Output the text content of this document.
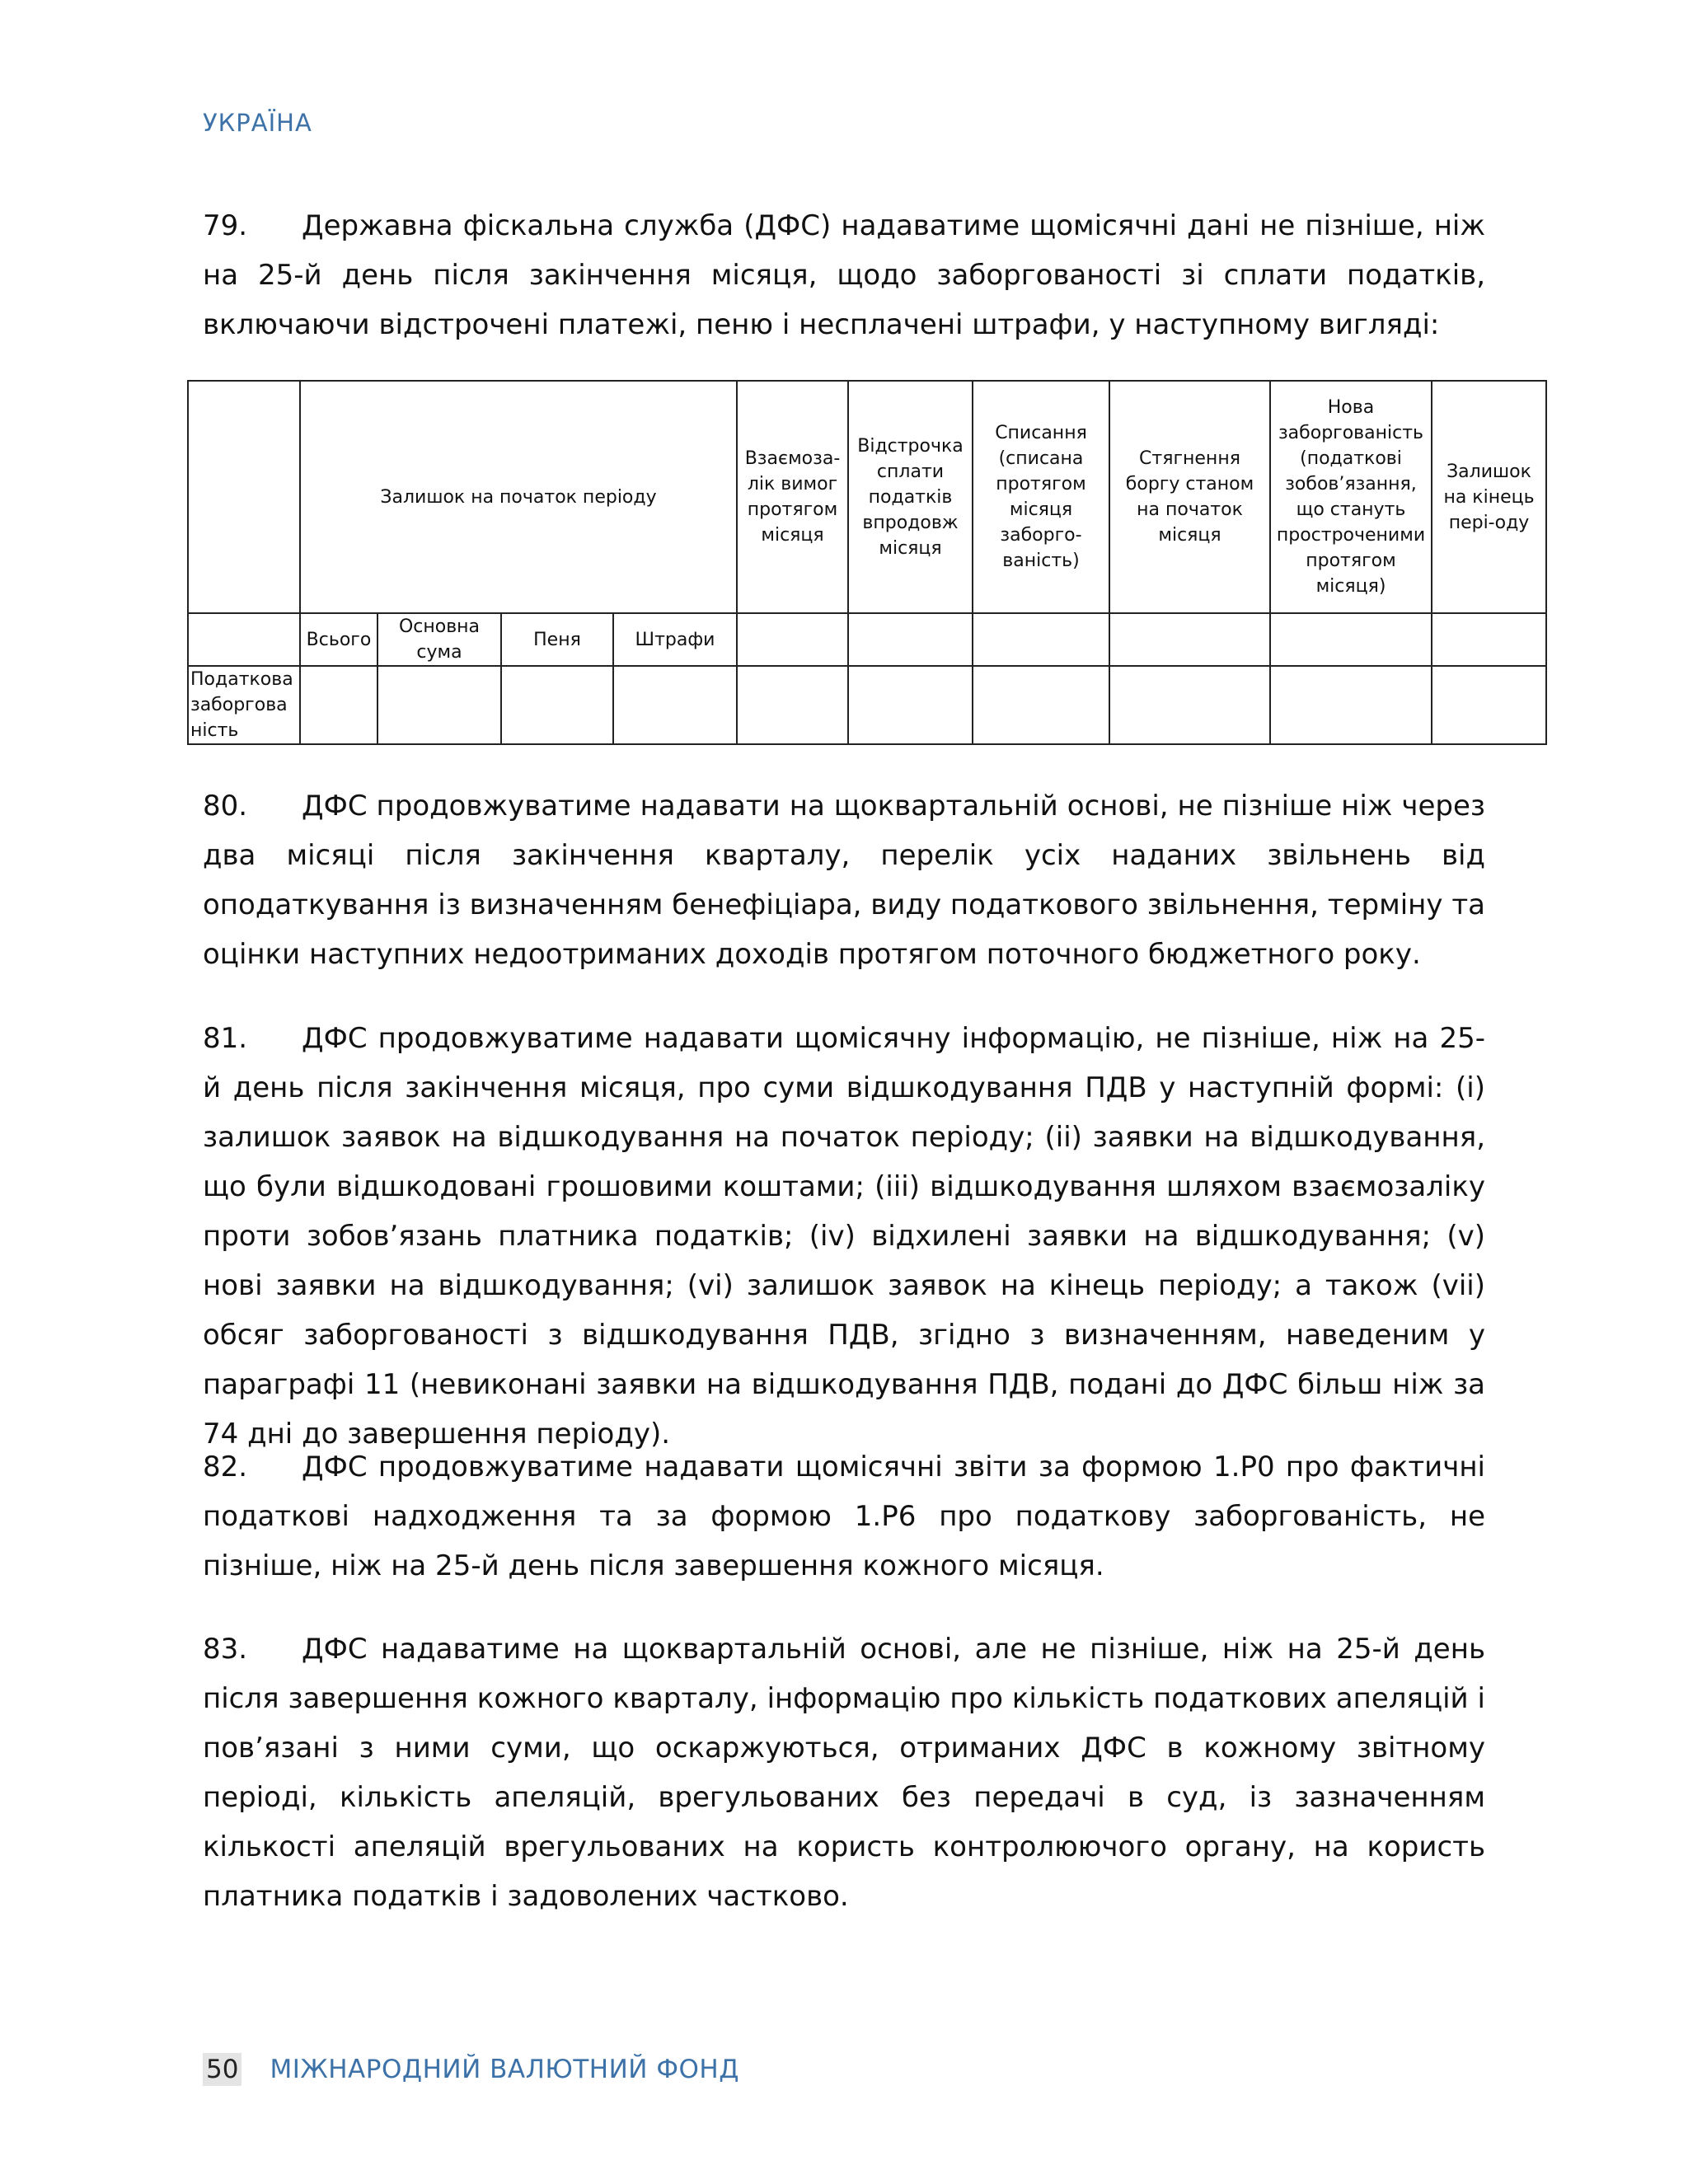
УКРАЇНА
79. Державна фіскальна служба (ДФС) надаватиме щомісячні дані не пізніше, ніж на 25-й день після закінчення місяця, щодо заборгованості зі сплати податків, включаючи відстрочені платежі, пеню і несплачені штрафи, у наступному вигляді:
	Залишок на початок періоду				Взаємозалік вимог протягом місяця	Відстрочка сплати податків впродовж місяця	Списання (списана протягом місяця заборгованість)	Стягнення боргу станом на початок місяця	Нова заборгованість (податкові зобов’язання, що стануть простроченими протягом місяця)	Залишок на кінець пері-оду
	Всього	Основна сума	Пеня	Штрафи						
Податкова заборгованість										
80. ДФС продовжуватиме надавати на щоквартальній основі, не пізніше ніж через два місяці після закінчення кварталу, перелік усіх наданих звільнень від оподаткування із визначенням бенефіціара, виду податкового звільнення, терміну та оцінки наступних недоотриманих доходів протягом поточного бюджетного року.
81. ДФС продовжуватиме надавати щомісячну інформацію, не пізніше, ніж на 25-й день після закінчення місяця, про суми відшкодування ПДВ у наступній формі: (i) залишок заявок на відшкодування на початок періоду; (ii) заявки на відшкодування, що були відшкодовані грошовими коштами; (iii) відшкодування шляхом взаємозаліку проти зобов’язань платника податків; (iv) відхилені заявки на відшкодування; (v) нові заявки на відшкодування; (vi) залишок заявок на кінець періоду; а також (vii) обсяг заборгованості з відшкодування ПДВ, згідно з визначенням, наведеним у параграфі 11 (невиконані заявки на відшкодування ПДВ, подані до ДФС більш ніж за 74 дні до завершення періоду).
82. ДФС продовжуватиме надавати щомісячні звіти за формою 1.Р0 про фактичні податкові надходження та за формою 1.Р6 про податкову заборгованість, не пізніше, ніж на 25-й день після завершення кожного місяця.
83. ДФС надаватиме на щоквартальній основі, але не пізніше, ніж на 25-й день після завершення кожного кварталу, інформацію про кількість податкових апеляцій і пов’язані з ними суми, що оскаржуються, отриманих ДФС в кожному звітному періоді, кількість апеляцій, врегульованих без передачі в суд, із зазначенням кількості апеляцій врегульованих на користь контролюючого органу, на користь платника податків і задоволених частково.
50 МІЖНАРОДНИЙ ВАЛЮТНИЙ ФОНД
